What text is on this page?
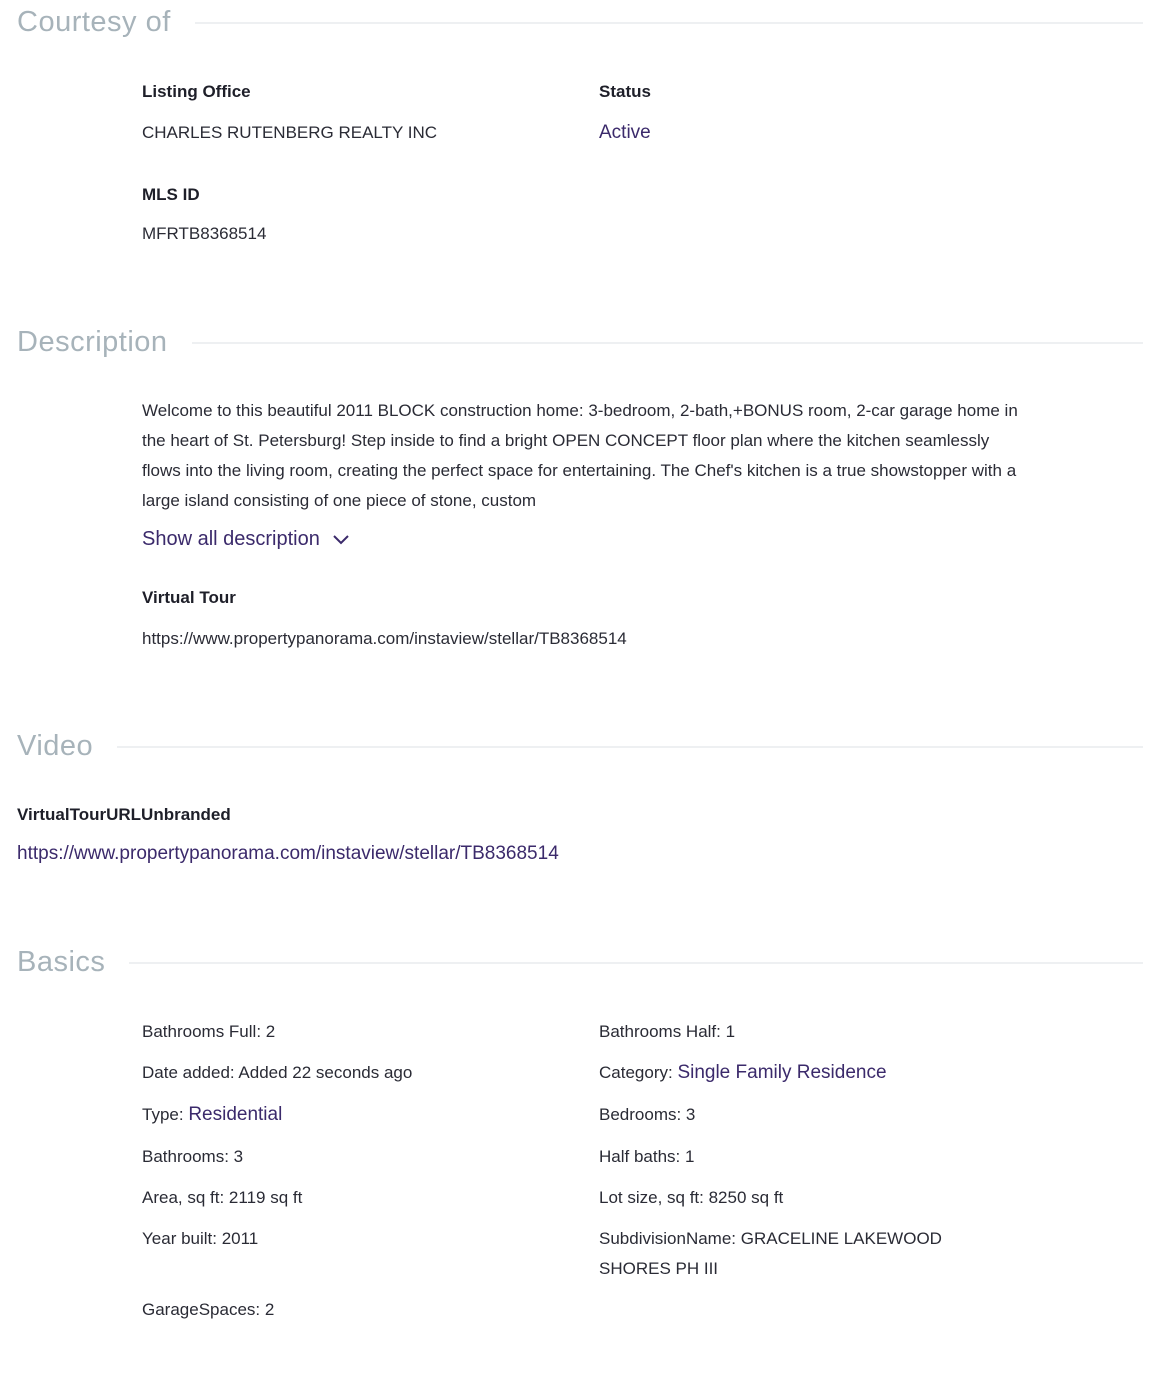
Courtesy of
Listing Office
CHARLES RUTENBERG REALTY INC
Status
Active
MLS ID
MFRTB8368514
Description
Welcome to this beautiful 2011 BLOCK construction home: 3-bedroom, 2-bath,+BONUS room, 2-car garage home in the heart of St. Petersburg! Step inside to find a bright OPEN CONCEPT floor plan where the kitchen seamlessly flows into the living room, creating the perfect space for entertaining. The Chef's kitchen is a true showstopper with a large island consisting of one piece of stone, custom
Show all description
Virtual Tour
https://www.propertypanorama.com/instaview/stellar/TB8368514
Video
VirtualTourURLUnbranded
https://www.propertypanorama.com/instaview/stellar/TB8368514
Basics
Bathrooms Full: 2	Bathrooms Half: 1
Date added: Added 22 seconds ago	Category: Single Family Residence
Type: Residential	Bedrooms: 3
Bathrooms: 3	Half baths: 1
Area, sq ft: 2119 sq ft	Lot size, sq ft: 8250 sq ft
Year built: 2011	SubdivisionName: GRACELINE LAKEWOOD SHORES PH III
GarageSpaces: 2
